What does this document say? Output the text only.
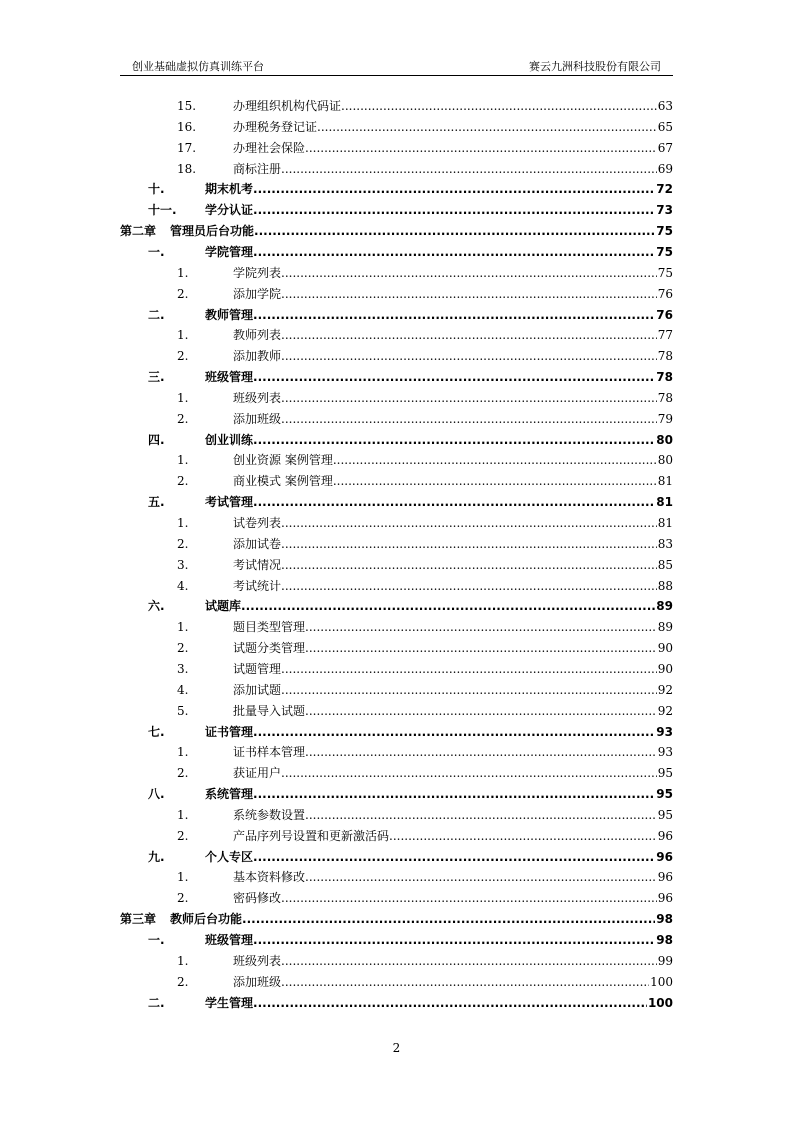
创业基础虚拟仿真训练平台	赛云九洲科技股份有限公司
15.	办理组织机构代码证 .....	63
16.	办理税务登记证 .....	65
17.	办理社会保险 .....	67
18.	商标注册 .....	69
十.	期末机考 .....	72
十一. 学分认证 .....	73
第二章 管理员后台功能 .....	75
一.	学院管理 .....	75
1.	学院列表 .....	75
2.	添加学院 .....	76
二.	教师管理 .....	76
1.	教师列表 .....	77
2.	添加教师 .....	78
三.	班级管理 .....	78
1.	班级列表 .....	78
2.	添加班级 .....	79
四.	创业训练 .....	80
1.	创业资源 案例管理 .....	80
2.	商业模式 案例管理 .....	81
五.	考试管理 .....	81
1.	试卷列表 .....	81
2.	添加试卷 .....	83
3.	考试情况 .....	85
4.	考试统计 .....	88
六.	试题库 .....	89
1.	题目类型管理 .....	89
2.	试题分类管理 .....	90
3.	试题管理 .....	90
4.	添加试题 .....	92
5.	批量导入试题 .....	92
七.	证书管理 .....	93
1.	证书样本管理 .....	93
2.	获证用户 .....	95
八.	系统管理 .....	95
1.	系统参数设置 .....	95
2.	产品序列号设置和更新激活码 .....	96
九.	个人专区 .....	96
1.	基本资料修改 .....	96
2.	密码修改 .....	96
第三章 教师后台功能 .....	98
一.	班级管理 .....	98
1.	班级列表 .....	99
2.	添加班级 .....	100
二.	学生管理 .....	100
2
